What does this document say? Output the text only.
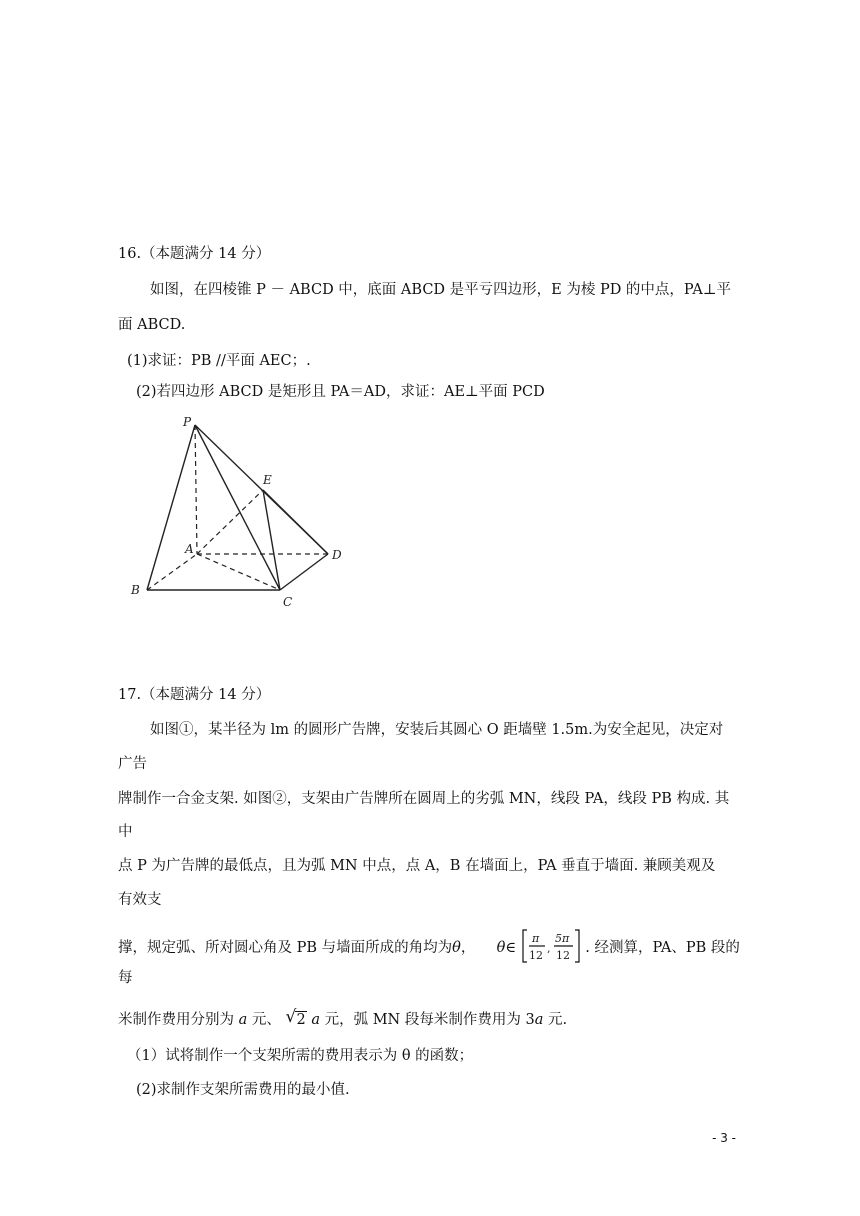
16.（本题满分 14 分）
如图，在四棱锥 P － ABCD 中，底面 ABCD 是平亏四边形，E 为棱 PD 的中点，PA⊥平
面 ABCD.
(1)求证：PB //平面 AEC；.
(2)若四边形 ABCD 是矩形且 PA＝AD，求证：AE⊥平面 PCD
P
E
A	D
B
C
17.（本题满分 14 分）
如图①，某半径为 lm 的圆形广告牌，安装后其圆心 O 距墙壁 1.5m.为安全起见，决定对
广告
牌制作一合金支架. 如图②，支架由广告牌所在圆周上的劣弧 MN，线段 PA，线段 PB 构成. 其
中
点 P 为广告牌的最低点，且为弧 MN 中点，点 A，B 在墙面上，PA 垂直于墙面. 兼顾美观及
有效支
撑，规定弧、所对圆心角及 PB 与墙面所成的角均为θ， θ∈
π
12
,
5π
12 . 经测算，PA、PB 段的
每
米制作费用分别为 a 元、 √ 2 a 元，弧 MN 段每米制作费用为 3a 元.
（1）试将制作一个支架所需的费用表示为 θ 的函数；
(2)求制作支架所需费用的最小值.
- 3 -
